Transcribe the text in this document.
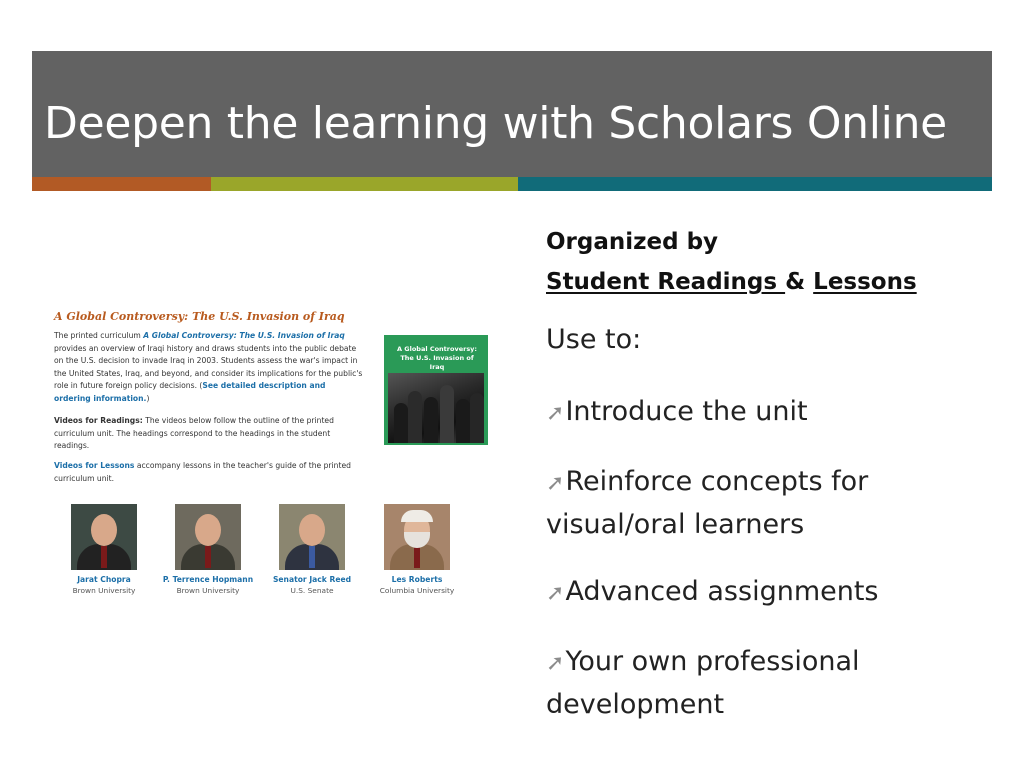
Deepen the learning with Scholars Online
A Global Controversy: The U.S. Invasion of Iraq
The printed curriculum A Global Controversy: The U.S. Invasion of Iraq provides an overview of Iraqi history and draws students into the public debate on the U.S. decision to invade Iraq in 2003. Students assess the war's impact in the United States, Iraq, and beyond, and consider its implications for the public's role in future foreign policy decisions. (See detailed description and ordering information.)
Videos for Readings: The videos below follow the outline of the printed curriculum unit. The headings correspond to the headings in the student readings.
Videos for Lessons accompany lessons in the teacher's guide of the printed curriculum unit.
A Global Controversy: The U.S. Invasion of Iraq
Jarat Chopra
Brown University
P. Terrence Hopmann
Brown University
Senator Jack Reed
U.S. Senate
Les Roberts
Columbia University
Organized by
Student Readings & Lessons
Use to:
➚Introduce the unit
➚Reinforce concepts for visual/oral learners
➚Advanced assignments
➚Your own professional development
